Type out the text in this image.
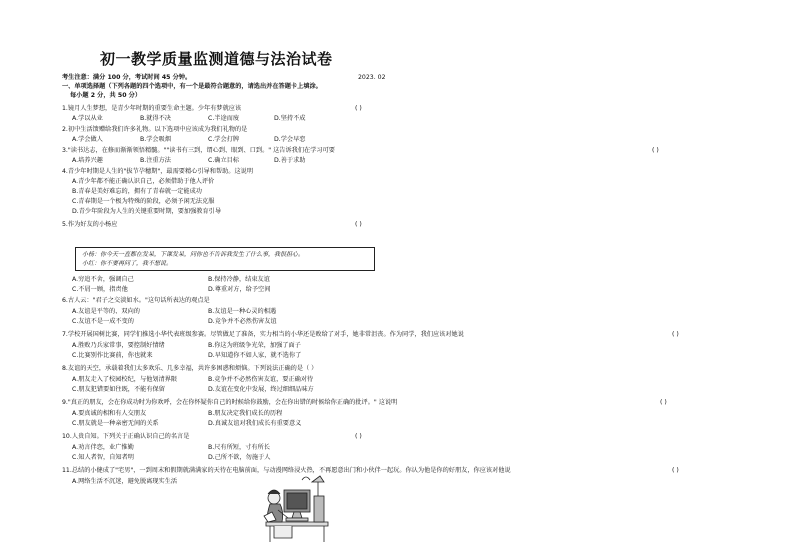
初一教学质量监测道德与法治试卷
考生注意：满分 100 分，考试时间 45 分钟。	2023. 02
一、单项选择题（下列各题的四个选项中，有一个是最符合题意的，请选出并在答题卡上填涂。
每小题 2 分，共 50 分）
1.镜月人生梦想，是青少年时期的重要生命主题。少年有梦就应该	( )
A.学以从业	B.就得不决	C.半途而废	D.坚持不成
2.初中生活馈赠给我们许多礼物。以下选项中应该成为我们礼物的是
A.学会做人	B.学会吸烟	C.学会打牌	D.学会早恋
3."读书达志，在修而渐渐领悟精髓。""读书有三到，谓心到、眼到、口到。" 这告诉我们在学习可要	( )
A.培养兴趣	B.注重方法	C.确立目标	D.善于求助
4.青少年时期是人生的"拔节孕穗期"，最需要精心引导和帮助。这说明
A.青少年都不能正确认识自己，必须借助于他人评价
B.青春是美好难忘的，拥有了青春就一定能成功
C.青春期是一个极为特殊的阶段，必须予闲无法克服
D.青少年阶段为人生的关键重要时期，要加强教育引导
5.作为好友的小杨应	( )
小杨：你今天一直都在发呆，下课发呆，问你也不告诉我发生了什么事，我很担心。
小红：你不要再问了，我不想说。
A.穷追不舍，强调自己	B.保持冷静，结束友谊
C.不屑一顾，指责他	D.尊重对方，给予空间
6.古人云："君子之交淡如水。"这句话所表达的观点是
A.友谊是平等的、双向的	B.友谊是一种心灵的相遇
C.友谊不是一成不变的	D.竞争并不必然伤害友谊
7.学校开展国树比赛，同学们推选小华代表班级参赛。尽管做足了准备，实力相当的小华还是败给了对手，她非常沮丧。作为同学，我们应该对她说	( )
A.胜败乃兵家常事，要控制好情绪	B.你这为班级争光荣，加强了面子
C.比赛别作比赛前，你也就来	D.早知道你不如人家，就不选你了
8.友谊的天空，承载着我们太多欢乐、几多幸福，共许多困惑和烦恼。下列说法正确的是（ ）
A.朋友走入了校园校纪，与他划清界限	B.竞争并不必然伤害友谊，要正确对待
C.朋友犯错要如往既，不能有保留	D.友谊在变化中发展，终过细细品味方
9."真正的朋友，会在你成功时为你欢呼，会在你怀疑你自己的时候给你鼓励，会在你出错的时候给你正确的批评。" 这说明	( )
A.要真诚的相和有人交朋友	B.朋友决定我们成长的历程
C.朋友就是一种亲密无间的关系	D.真诚友谊对我们成长有重要意义
10.人贵自知。下列关于正确认识自己的名言是	( )
A.劝言伴恋，业广惟勤	B.尺有所短，寸有所长
C.知人者智，自知者明	D.己所不欲，勿施于人
11.总结的小健成了"宅男"，一到周末和假期就满满家的天待在电脑前面，与动漫网络浸火热，不再愿意出门和小伙伴一起玩。你认为他是你的好朋友，你应该对他说	( )
A.网络生活不沉迷，避免脱离现实生活
